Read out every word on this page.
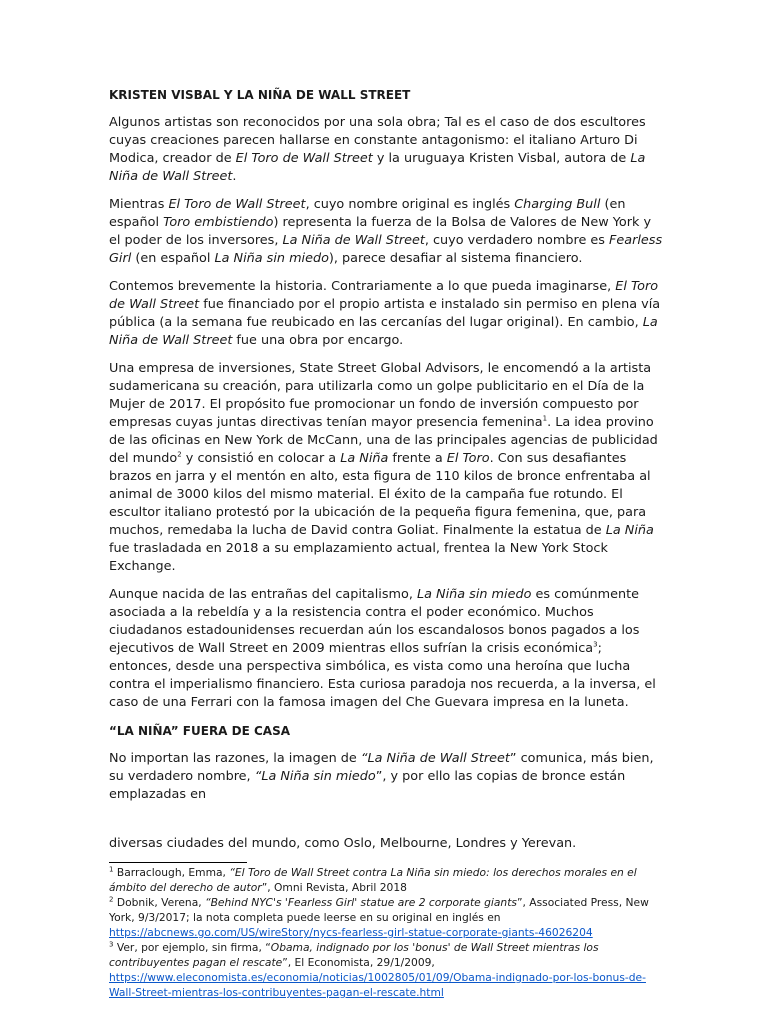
KRISTEN VISBAL Y LA NIÑA DE WALL STREET

Algunos artistas son reconocidos por una sola obra; Tal es el caso de dos escultores cuyas creaciones parecen hallarse en constante antagonismo: el italiano Arturo Di Modica, creador de El Toro de Wall Street y la uruguaya Kristen Visbal, autora de La Niña de Wall Street.

Mientras El Toro de Wall Street, cuyo nombre original es inglés Charging Bull (en español Toro embistiendo) representa la fuerza de la Bolsa de Valores de New York y el poder de los inversores, La Niña de Wall Street, cuyo verdadero nombre es Fearless Girl (en español La Niña sin miedo), parece desafiar al sistema financiero.

Contemos brevemente la historia. Contrariamente a lo que pueda imaginarse, El Toro de Wall Street fue financiado por el propio artista e instalado sin permiso en plena vía pública (a la semana fue reubicado en las cercanías del lugar original). En cambio, La Niña de Wall Street fue una obra por encargo.

Una empresa de inversiones, State Street Global Advisors, le encomendó a la artista sudamericana su creación, para utilizarla como un golpe publicitario en el Día de la Mujer de 2017. El propósito fue promocionar un fondo de inversión compuesto por empresas cuyas juntas directivas tenían mayor presencia femenina$^1$. La idea provino de las oficinas en New York de McCann, una de las principales agencias de publicidad del mundo$^2$ y consistió en colocar a La Niña frente a El Toro. Con sus desafiantes brazos en jarra y el mentón en alto, esta figura de 110 kilos de bronce enfrentaba al animal de 3000 kilos del mismo material. El éxito de la campaña fue rotundo. El escultor italiano protestó por la ubicación de la pequeña figura femenina, que, para muchos, remedaba la lucha de David contra Goliat. Finalmente la estatua de La Niña fue trasladada en 2018 a su emplazamiento actual, frentea la New York Stock Exchange.

Aunque nacida de las entrañas del capitalismo, La Niña sin miedo es comúnmente asociada a la rebeldía y a la resistencia contra el poder económico. Muchos ciudadanos estadounidenses recuerdan aún los escandalosos bonos pagados a los ejecutivos de Wall Street en 2009 mientras ellos sufrían la crisis económica$^3$; entonces, desde una perspectiva simbólica, es vista como una heroína que lucha contra el imperialismo financiero. Esta curiosa paradoja nos recuerda, a la inversa, el caso de una Ferrari con la famosa imagen del Che Guevara impresa en la luneta.

“LA NIÑA” FUERA DE CASA

No importan las razones, la imagen de “La Niña de Wall Street” comunica, más bien, su verdadero nombre, “La Niña sin miedo”, y por ello las copias de bronce están emplazadas en

diversas ciudades del mundo, como Oslo, Melbourne, Londres y Yerevan.

$^1$ Barraclough, Emma, “El Toro de Wall Street contra La Niña sin miedo: los derechos morales en el ámbito del derecho de autor”, Omni Revista, Abril 2018

$^2$ Dobnik, Verena, “Behind NYC's 'Fearless Girl' statue are 2 corporate giants”, Associated Press, New York, 9/3/2017; la nota completa puede leerse en su original en inglés en https://abcnews.go.com/US/wireStory/nycs-fearless-girl-statue-corporate-giants-46026204

$^3$ Ver, por ejemplo, sin firma, “Obama, indignado por los 'bonus' de Wall Street mientras los contribuyentes pagan el rescate”, El Economista, 29/1/2009, https://www.eleconomista.es/economia/noticias/1002805/01/09/Obama-indignado-por-los-bonus-de-Wall-Street-mientras-los-contribuyentes-pagan-el-rescate.html
